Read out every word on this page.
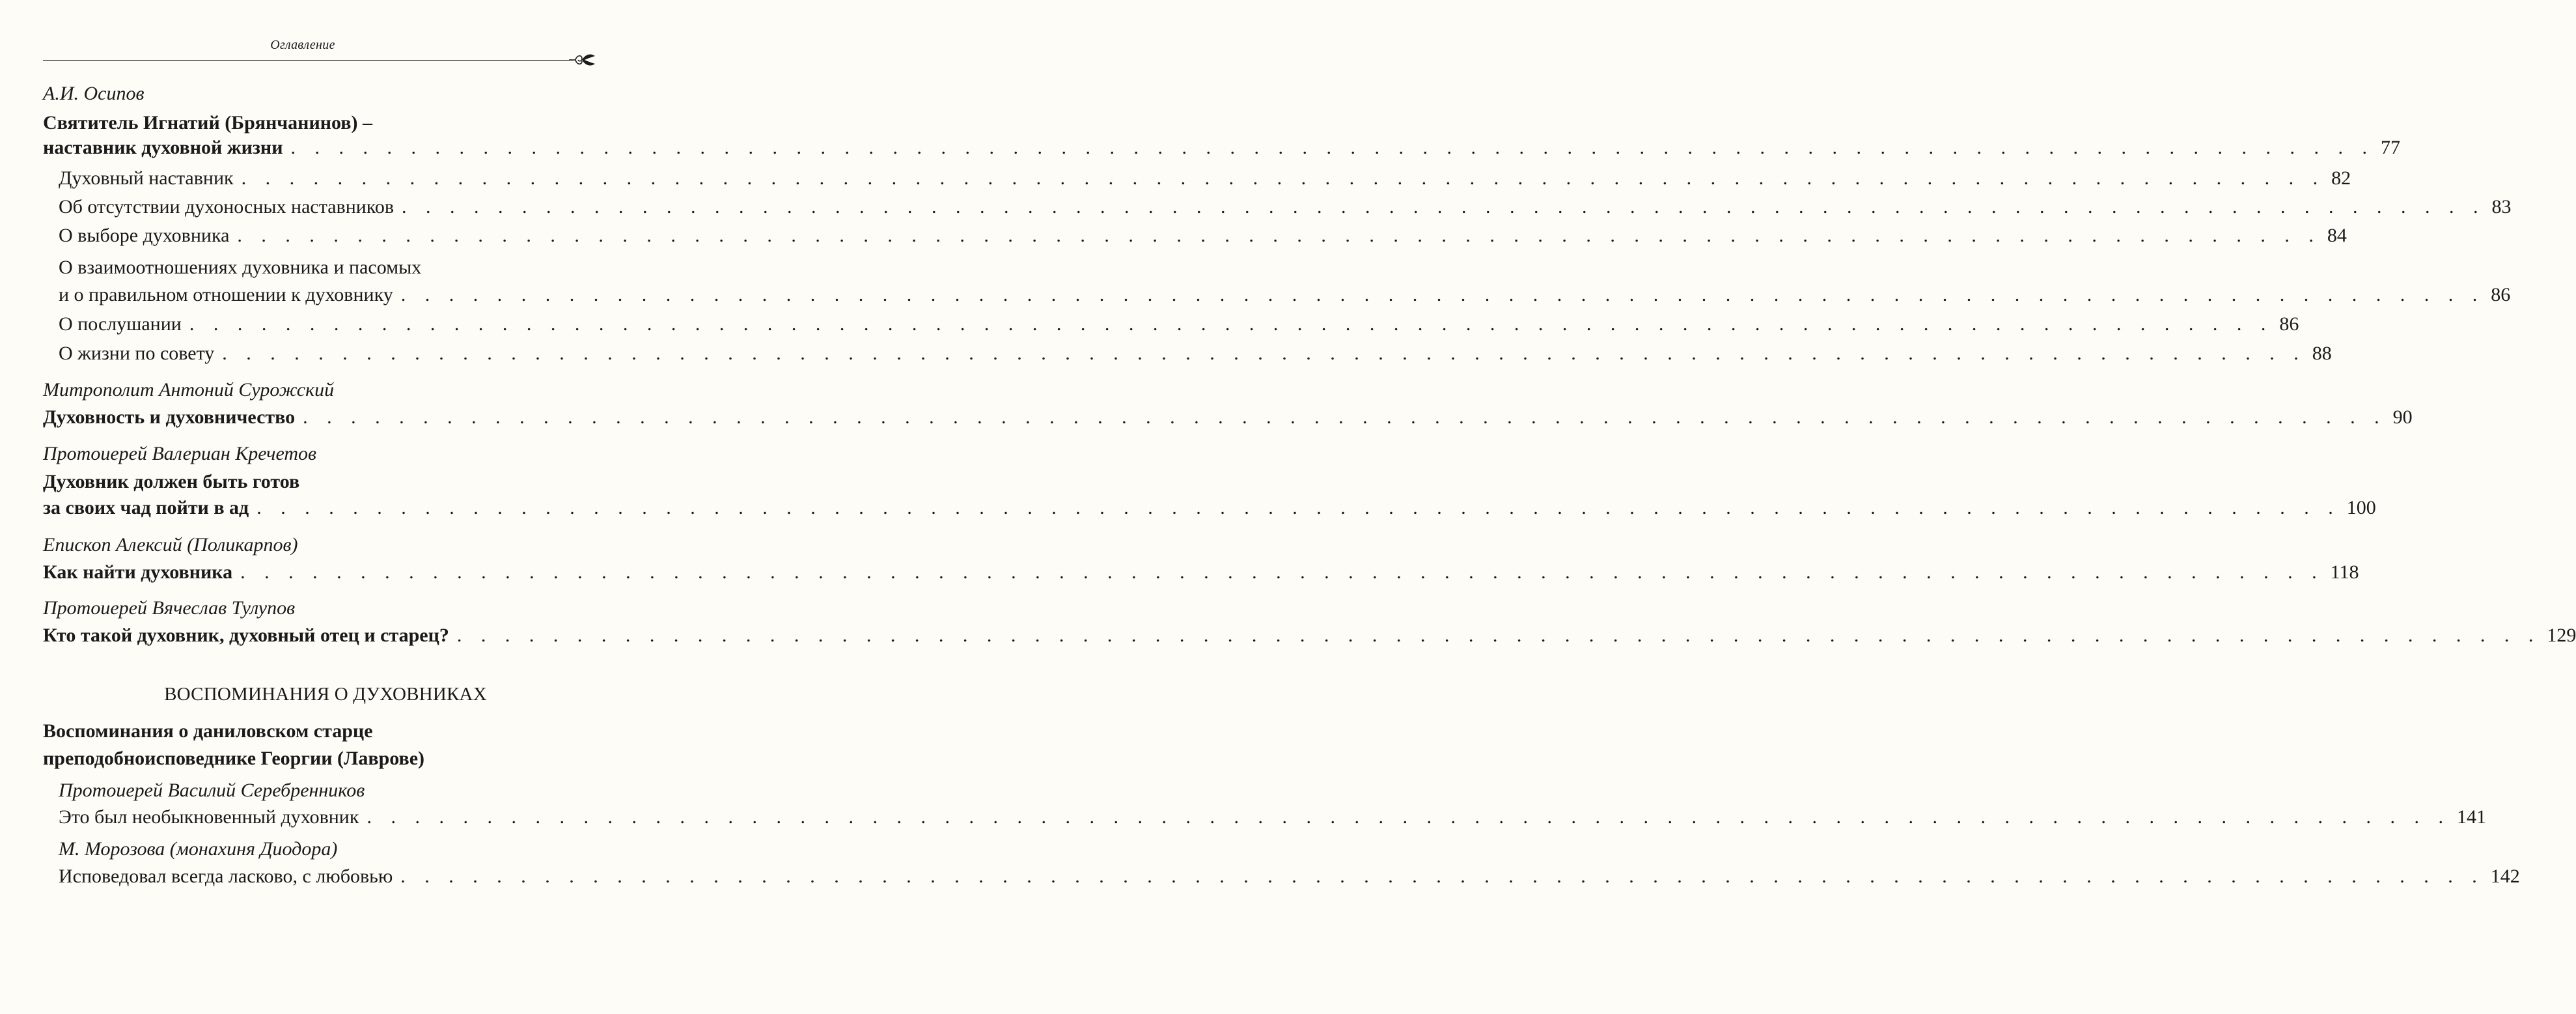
Оглавление
А.И. Осипов
Святитель Игнатий (Брянчанинов) –
наставник духовной жизни . . . . . . . . . . . . . . . . . . . . . . . . . . . . . . . . . . . . . . . . . . . . . . . . . . . . . . . . . . . . . . . . . . . . . . . . . . . . . . . . . . . . . . . 77
Духовный наставник . . . . . . . . . . . . . . . . . . . . . . . . . . . . . . . . . . . . . . . . . . . . . . . . . . . . . . . . . . . . . . . . . . . . . . . . . . . . . . . . . . . . . . . 82
Об отсутствии духоносных наставников . . . . . . . . . . . . . . . . . . . . . . . . . . . . . . . . . . . . . . . . . . . . . . . . . . . . . . . . . . . . . . . . . . . . . . . . . . . . . . . . . . . . . . . 83
О выборе духовника . . . . . . . . . . . . . . . . . . . . . . . . . . . . . . . . . . . . . . . . . . . . . . . . . . . . . . . . . . . . . . . . . . . . . . . . . . . . . . . . . . . . . . . 84
О взаимоотношениях духовника и пасомых
и о правильном отношении к духовнику . . . . . . . . . . . . . . . . . . . . . . . . . . . . . . . . . . . . . . . . . . . . . . . . . . . . . . . . . . . . . . . . . . . . . . . . . . . . . . . . . . . . . . . 86
О послушании . . . . . . . . . . . . . . . . . . . . . . . . . . . . . . . . . . . . . . . . . . . . . . . . . . . . . . . . . . . . . . . . . . . . . . . . . . . . . . . . . . . . . . . 86
О жизни по совету . . . . . . . . . . . . . . . . . . . . . . . . . . . . . . . . . . . . . . . . . . . . . . . . . . . . . . . . . . . . . . . . . . . . . . . . . . . . . . . . . . . . . . . 88
Митрополит Антоний Сурожский
Духовность и духовничество . . . . . . . . . . . . . . . . . . . . . . . . . . . . . . . . . . . . . . . . . . . . . . . . . . . . . . . . . . . . . . . . . . . . . . . . . . . . . . . . . . . . . . . 90
Протоиерей Валериан Кречетов
Духовник должен быть готов
за своих чад пойти в ад . . . . . . . . . . . . . . . . . . . . . . . . . . . . . . . . . . . . . . . . . . . . . . . . . . . . . . . . . . . . . . . . . . . . . . . . . . . . . . . . . . . . . . . 100
Епископ Алексий (Поликарпов)
Как найти духовника . . . . . . . . . . . . . . . . . . . . . . . . . . . . . . . . . . . . . . . . . . . . . . . . . . . . . . . . . . . . . . . . . . . . . . . . . . . . . . . . . . . . . . . 118
Протоиерей Вячеслав Тулупов
Кто такой духовник, духовный отец и старец? . . . . . . . . . . . . . . . . . . . . . . . . . . . . . . . . . . . . . . . . . . . . . . . . . . . . . . . . . . . . . . . . . . . . . . . . . . . . . . . . . . . . . . . 129
ВОСПОМИНАНИЯ О ДУХОВНИКАХ
Воспоминания о даниловском старце
преподобноисповеднике Георгии (Лаврове)
Протоиерей Василий Серебренников
Это был необыкновенный духовник . . . . . . . . . . . . . . . . . . . . . . . . . . . . . . . . . . . . . . . . . . . . . . . . . . . . . . . . . . . . . . . . . . . . . . . . . . . . . . . . . . . . . . . 141
М. Морозова (монахиня Диодора)
Исповедовал всегда ласково, с любовью . . . . . . . . . . . . . . . . . . . . . . . . . . . . . . . . . . . . . . . . . . . . . . . . . . . . . . . . . . . . . . . . . . . . . . . . . . . . . . . . . . . . . . . 142
